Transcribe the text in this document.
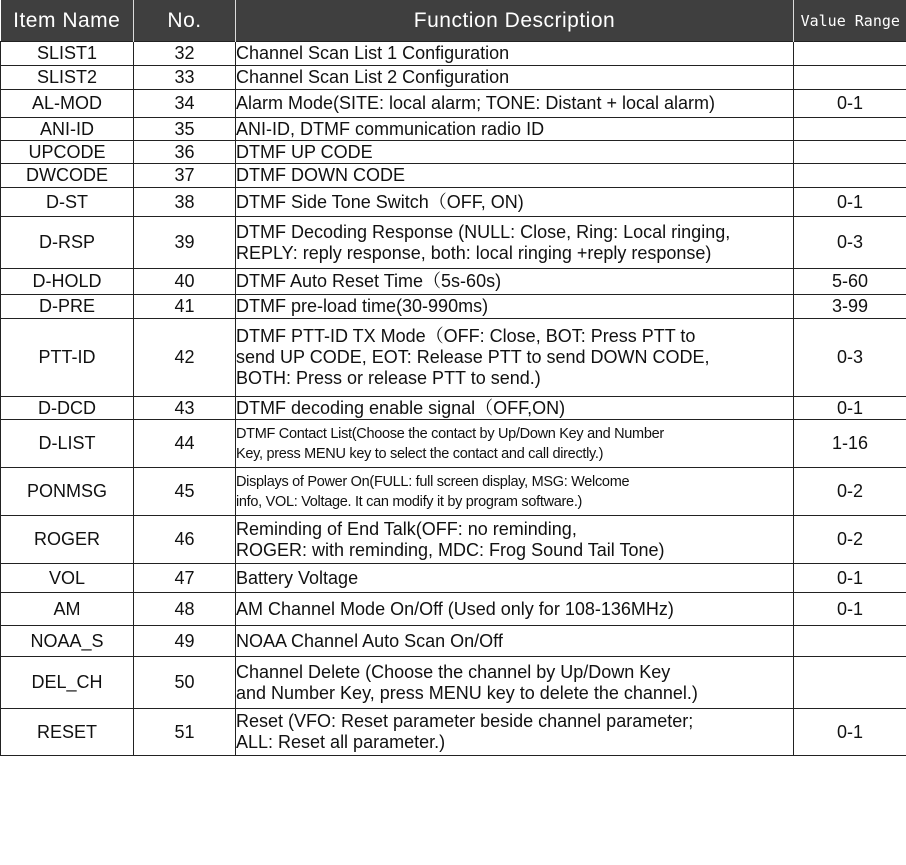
Item Name	No.	Function Description	Value Range
SLIST1	32	Channel Scan List 1 Configuration	

SLIST2	33	Channel Scan List 2 Configuration	

AL-MOD	34	Alarm Mode(SITE: local alarm; TONE: Distant + local alarm)	0-1
ANI-ID	35	ANI-ID, DTMF communication radio ID	

UPCODE	36	DTMF UP CODE	

DWCODE	37	DTMF DOWN CODE	

D-ST	38	DTMF Side Tone Switch（OFF, ON)	0-1
D-RSP	39	DTMF Decoding Response (NULL: Close, Ring: Local ringing,
REPLY: reply response, both: local ringing +reply response)	0-3
D-HOLD	40	DTMF Auto Reset Time（5s-60s)	5-60
D-PRE	41	DTMF pre-load time(30-990ms)	3-99
PTT-ID	42	DTMF PTT-ID TX Mode（OFF: Close, BOT: Press PTT to
send UP CODE, EOT: Release PTT to send DOWN CODE,
BOTH: Press or release PTT to send.)	0-3
D-DCD	43	DTMF decoding enable signal（OFF,ON)	0-1
D-LIST	44	DTMF Contact List(Choose the contact by Up/Down Key and Number
Key, press MENU key to select the contact and call directly.)	1-16
PONMSG	45	Displays of Power On(FULL: full screen display, MSG: Welcome
info, VOL: Voltage. It can modify it by program software.)	0-2
ROGER	46	Reminding of End Talk(OFF: no reminding,
ROGER: with reminding, MDC: Frog Sound Tail Tone)	0-2
VOL	47	Battery Voltage	0-1
AM	48	AM Channel Mode On/Off (Used only for 108-136MHz)	0-1
NOAA_S	49	NOAA Channel Auto Scan On/Off	

DEL_CH	50	Channel Delete (Choose the channel by Up/Down Key
and Number Key, press MENU key to delete the channel.)	

RESET	51	Reset (VFO: Reset parameter beside channel parameter;
ALL: Reset all parameter.)	0-1
